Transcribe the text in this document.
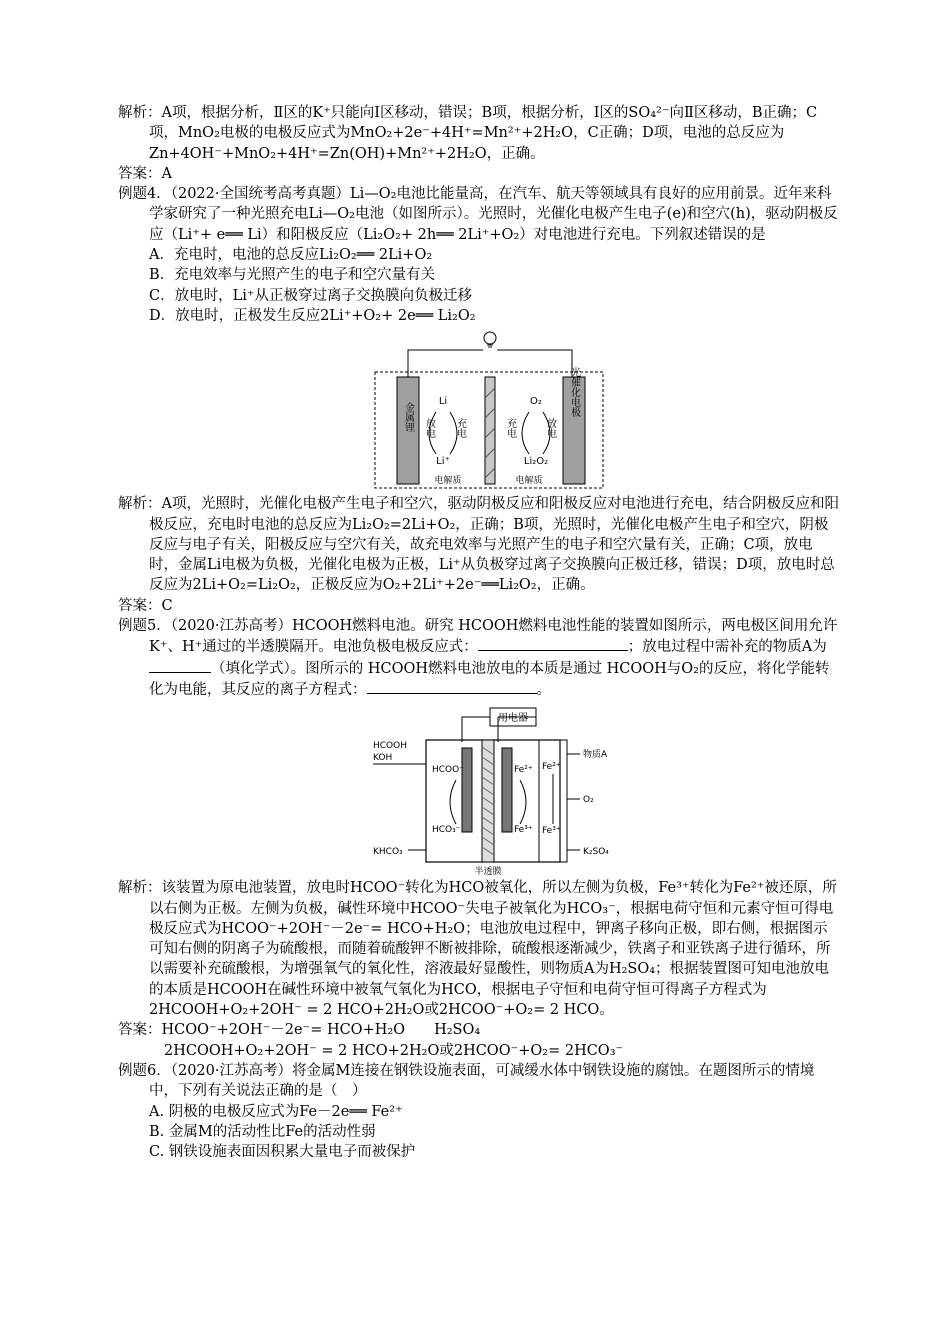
解析：A项，根据分析，Ⅱ区的K⁺只能向Ⅰ区移动，错误；B项，根据分析，Ⅰ区的SO₄²⁻向Ⅱ区移动，B正确；C项，MnO₂电极的电极反应式为MnO₂+2e⁻+4H⁺=Mn²⁺+2H₂O，C正确；D项，电池的总反应为Zn+4OH⁻+MnO₂+4H⁺=Zn(OH)+Mn²⁺+2H₂O，正确。

答案：A

例题4．（2022·全国统考高考真题）Li—O₂电池比能量高，在汽车、航天等领域具有良好的应用前景。近年来科学家研究了一种光照充电Li—O₂电池（如图所示）。光照时，光催化电极产生电子(e)和空穴(h)，驱动阴极反应（Li⁺+ e══ Li）和阳极反应（Li₂O₂+ 2h══ 2Li⁺+O₂）对电池进行充电。下列叙述错误的是

A．充电时，电池的总反应Li₂O₂══ 2Li+O₂

B．充电效率与光照产生的电子和空穴量有关

C．放电时，Li⁺从正极穿过离子交换膜向负极迁移

D．放电时，正极发生反应2Li⁺+O₂+ 2e══ Li₂O₂

金属锂	光催化电极
Li
Li⁺
放电 充电
O₂
Li₂O₂
充电	放电
电解质	电解质

解析：A项，光照时，光催化电极产生电子和空穴，驱动阴极反应和阳极反应对电池进行充电，结合阴极反应和阳极反应，充电时电池的总反应为Li₂O₂=2Li+O₂，正确；B项，光照时，光催化电极产生电子和空穴，阴极反应与电子有关，阳极反应与空穴有关，故充电效率与光照产生的电子和空穴量有关，正确；C项，放电时，金属Li电极为负极，光催化电极为正极，Li⁺从负极穿过离子交换膜向正极迁移，错误；D项，放电时总反应为2Li+O₂=Li₂O₂，正极反应为O₂+2Li⁺+2e⁻══Li₂O₂，正确。

答案：C

例题5．（2020·江苏高考）HCOOH燃料电池。研究 HCOOH燃料电池性能的装置如图所示，两电极区间用允许K⁺、H⁺通过的半透膜隔开。电池负极电极反应式：	；放电过程中需补充的物质A为（填化学式）。图所示的 HCOOH燃料电池放电的本质是通过 HCOOH与O₂的反应，将化学能转化为电能，其反应的离子方程式：	。

用电器
HCOO⁻
HCO₃⁻
Fe²⁺
Fe³⁺
Fe²⁺
Fe³⁺
HCOOH
KOH
KHCO₃
物质A
O₂
K₂SO₄
半透膜

解析：该装置为原电池装置，放电时HCOO⁻转化为HCO被氧化，所以左侧为负极，Fe³⁺转化为Fe²⁺被还原，所以右侧为正极。左侧为负极，碱性环境中HCOO⁻失电子被氧化为HCO₃⁻，根据电荷守恒和元素守恒可得电极反应式为HCOO⁻+2OH⁻－2e⁻= HCO+H₂O；电池放电过程中，钾离子移向正极，即右侧，根据图示可知右侧的阴离子为硫酸根，而随着硫酸钾不断被排除，硫酸根逐渐减少，铁离子和亚铁离子进行循环，所以需要补充硫酸根，为增强氧气的氧化性，溶液最好显酸性，则物质A为H₂SO₄；根据装置图可知电池放电的本质是HCOOH在碱性环境中被氧气氧化为HCO，根据电子守恒和电荷守恒可得离子方程式为2HCOOH+O₂+2OH⁻ = 2 HCO+2H₂O或2HCOO⁻+O₂= 2 HCO。

答案：HCOO⁻+2OH⁻－2e⁻= HCO+H₂O　　H₂SO₄

2HCOOH+O₂+2OH⁻ = 2 HCO+2H₂O或2HCOO⁻+O₂= 2HCO₃⁻

例题6．（2020·江苏高考）将金属M连接在钢铁设施表面，可减缓水体中钢铁设施的腐蚀。在题图所示的情境中，下列有关说法正确的是（　）

A. 阴极的电极反应式为Fe－2e══ Fe²⁺

B. 金属M的活动性比Fe的活动性弱

C. 钢铁设施表面因积累大量电子而被保护
